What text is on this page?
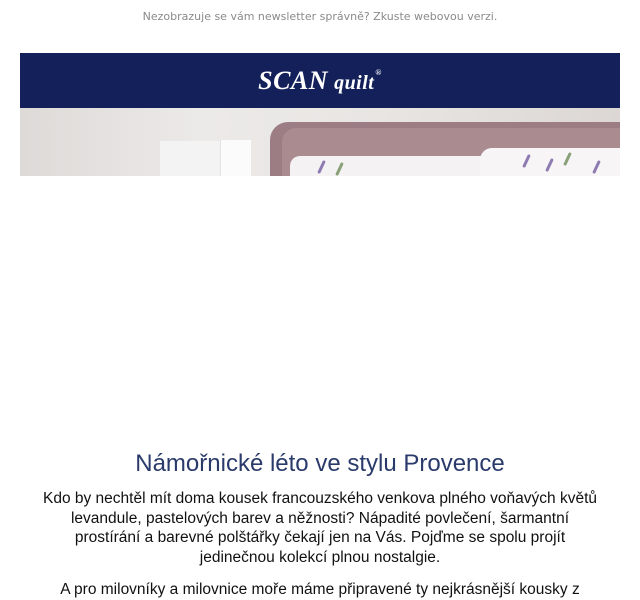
Nezobrazuje se vám newsletter správně? Zkuste webovou verzi.
SCAN quilt®
Námořnické léto ve stylu Provence
Kdo by nechtěl mít doma kousek francouzského venkova plného voňavých květů levandule, pastelových barev a něžnosti? Nápadité povlečení, šarmantní prostírání a barevné polštářky čekají jen na Vás. Pojďme se spolu projít jedinečnou kolekcí plnou nostalgie.
A pro milovníky a milovnice moře máme připravené ty nejkrásnější kousky z
